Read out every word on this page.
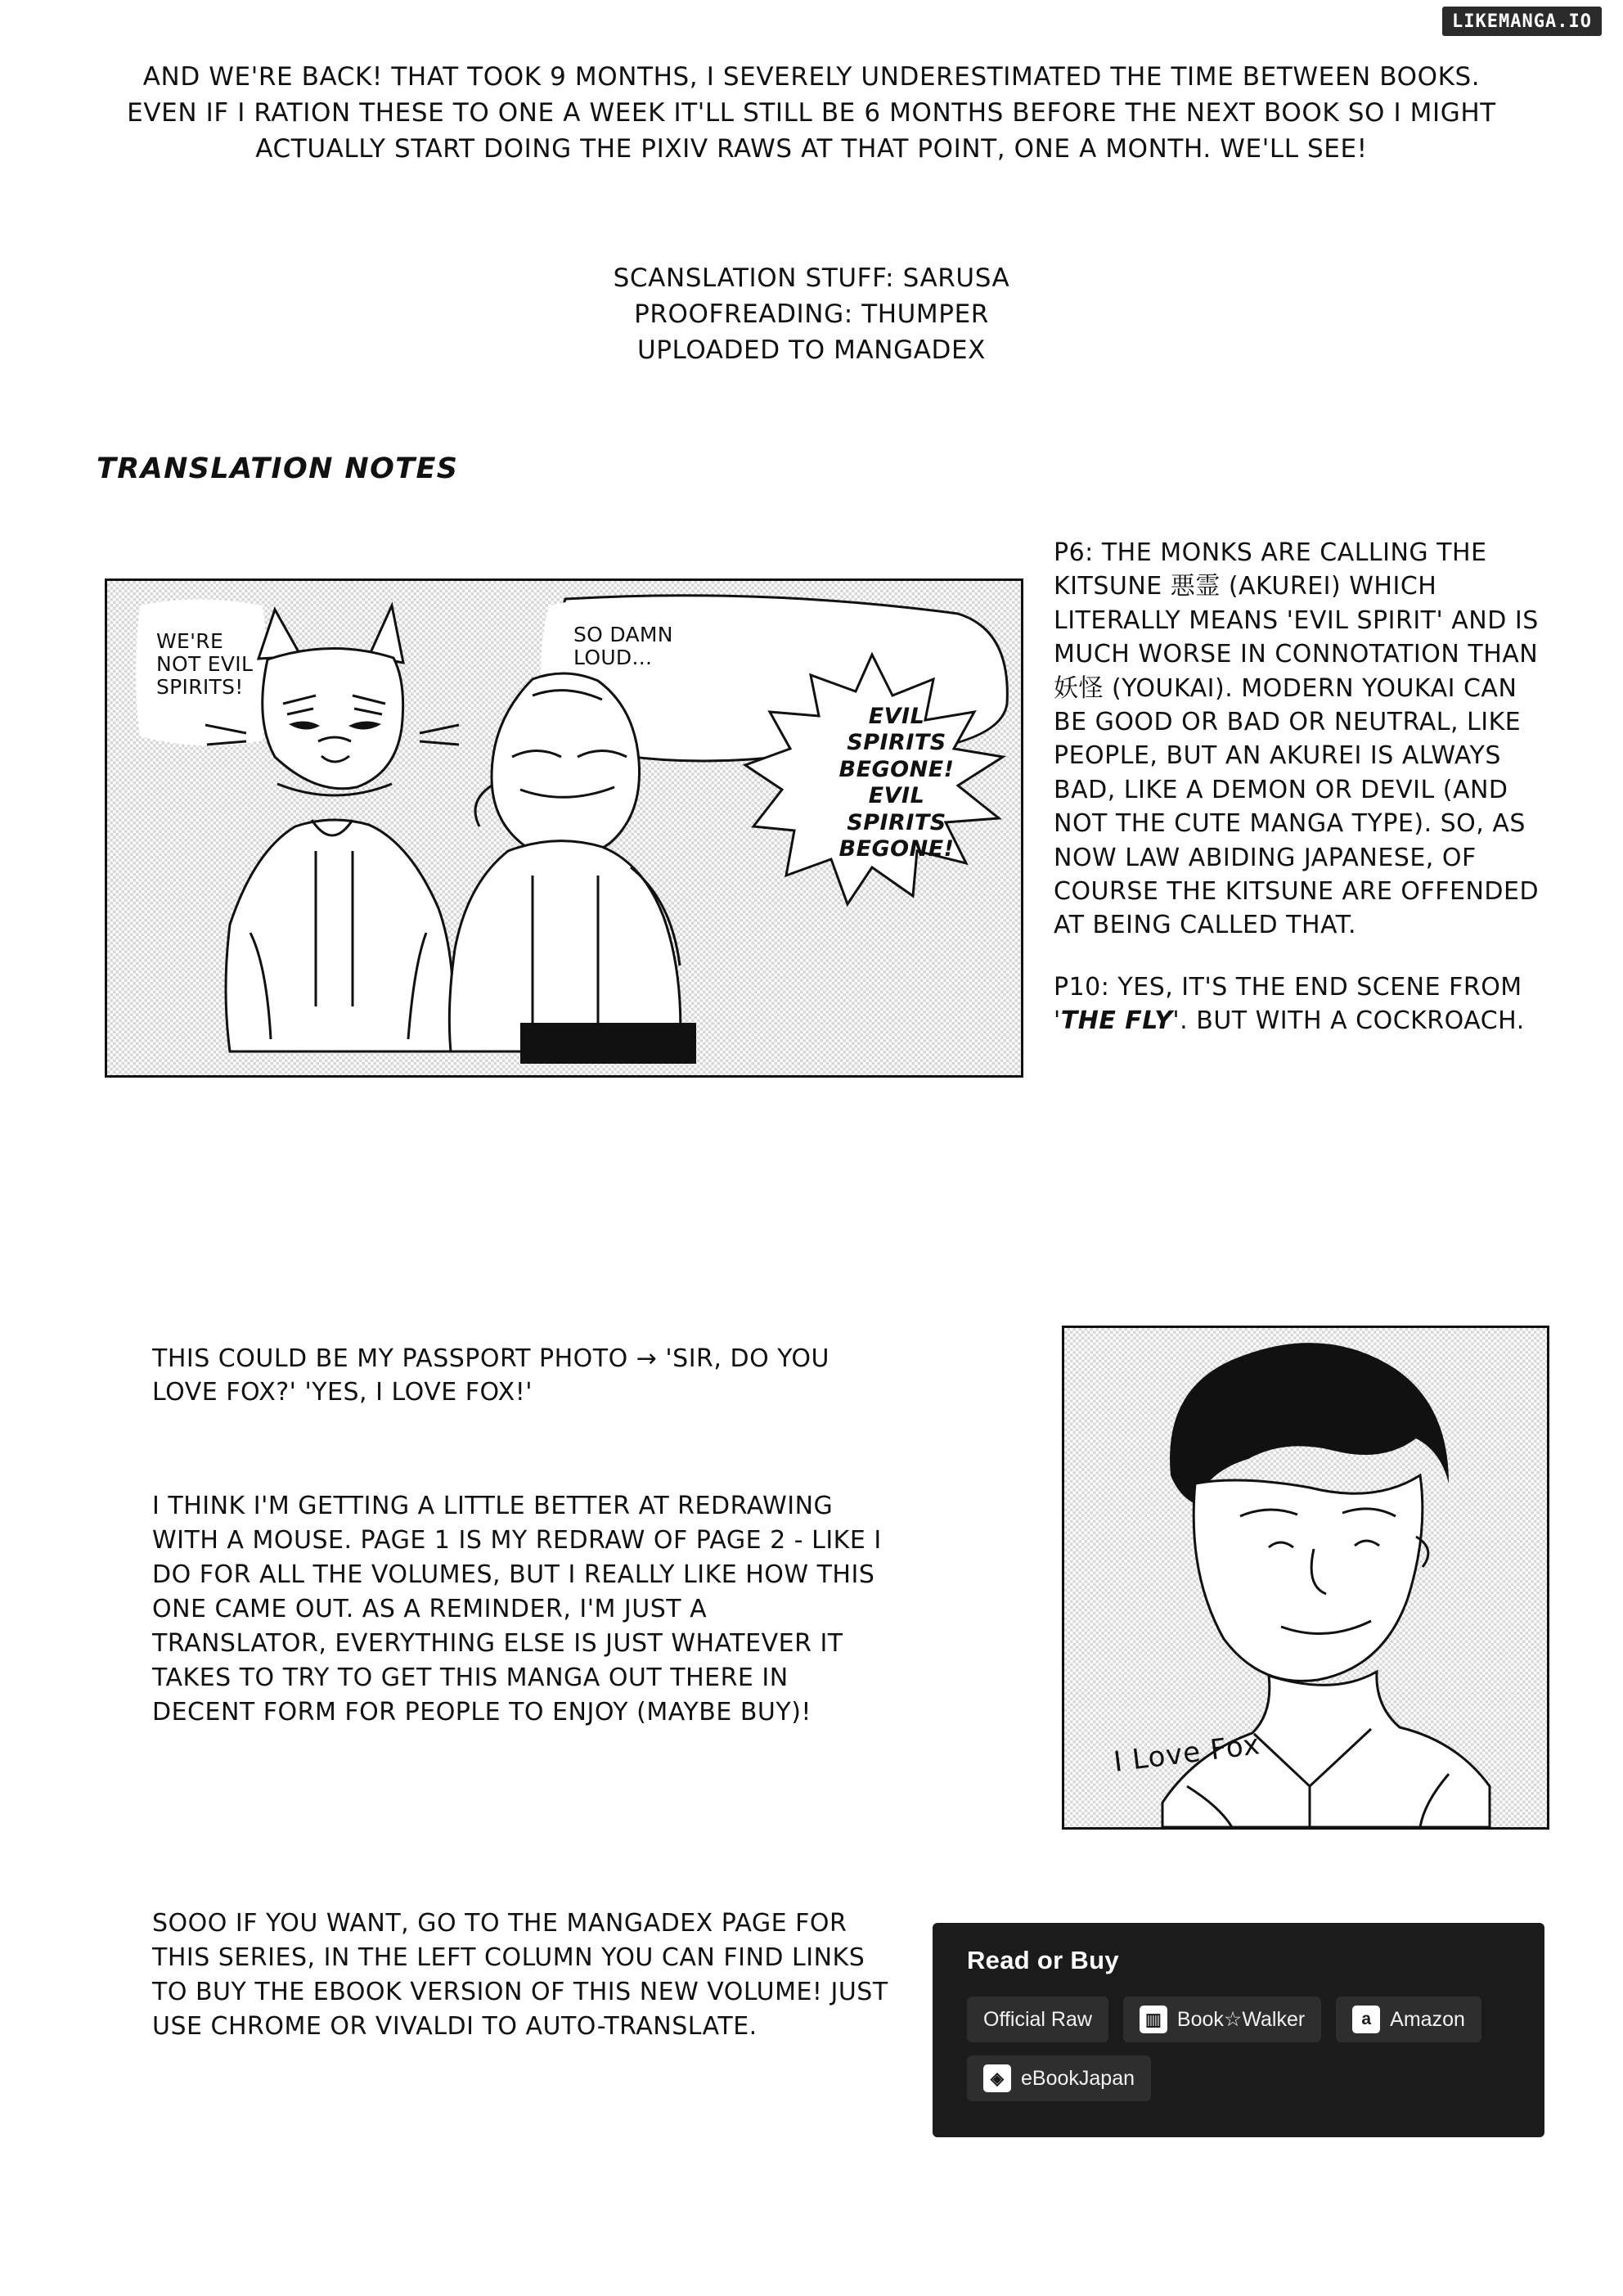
LIKEMANGA.IO
AND WE'RE BACK! THAT TOOK 9 MONTHS, I SEVERELY UNDERESTIMATED THE TIME BETWEEN BOOKS. EVEN IF I RATION THESE TO ONE A WEEK IT'LL STILL BE 6 MONTHS BEFORE THE NEXT BOOK SO I MIGHT ACTUALLY START DOING THE PIXIV RAWS AT THAT POINT, ONE A MONTH. WE'LL SEE!
SCANSLATION STUFF: SARUSA
PROOFREADING: THUMPER
UPLOADED TO MANGADEX
TRANSLATION NOTES
WE'RE NOT EVIL SPIRITS!
SO DAMN LOUD...
EVIL SPIRITS BEGONE! EVIL SPIRITS BEGONE!

P6: THE MONKS ARE CALLING THE KITSUNE 悪霊 (AKUREI) WHICH LITERALLY MEANS 'EVIL SPIRIT' AND IS MUCH WORSE IN CONNOTATION THAN 妖怪 (YOUKAI). MODERN YOUKAI CAN BE GOOD OR BAD OR NEUTRAL, LIKE PEOPLE, BUT AN AKUREI IS ALWAYS BAD, LIKE A DEMON OR DEVIL (AND NOT THE CUTE MANGA TYPE). SO, AS NOW LAW ABIDING JAPANESE, OF COURSE THE KITSUNE ARE OFFENDED AT BEING CALLED THAT.

P10: YES, IT'S THE END SCENE FROM 'THE FLY'. BUT WITH A COCKROACH.

THIS COULD BE MY PASSPORT PHOTO → 'SIR, DO YOU LOVE FOX?' 'YES, I LOVE FOX!'
I THINK I'M GETTING A LITTLE BETTER AT REDRAWING WITH A MOUSE. PAGE 1 IS MY REDRAW OF PAGE 2 - LIKE I DO FOR ALL THE VOLUMES, BUT I REALLY LIKE HOW THIS ONE CAME OUT. AS A REMINDER, I'M JUST A TRANSLATOR, EVERYTHING ELSE IS JUST WHATEVER IT TAKES TO TRY TO GET THIS MANGA OUT THERE IN DECENT FORM FOR PEOPLE TO ENJOY (MAYBE BUY)!
SOOO IF YOU WANT, GO TO THE MANGADEX PAGE FOR THIS SERIES, IN THE LEFT COLUMN YOU CAN FIND LINKS TO BUY THE EBOOK VERSION OF THIS NEW VOLUME! JUST USE CHROME OR VIVALDI TO AUTO-TRANSLATE.
I Love Fox
Read or Buy
Official Raw	▥ Book☆Walker	a Amazon
◈ eBookJapan
